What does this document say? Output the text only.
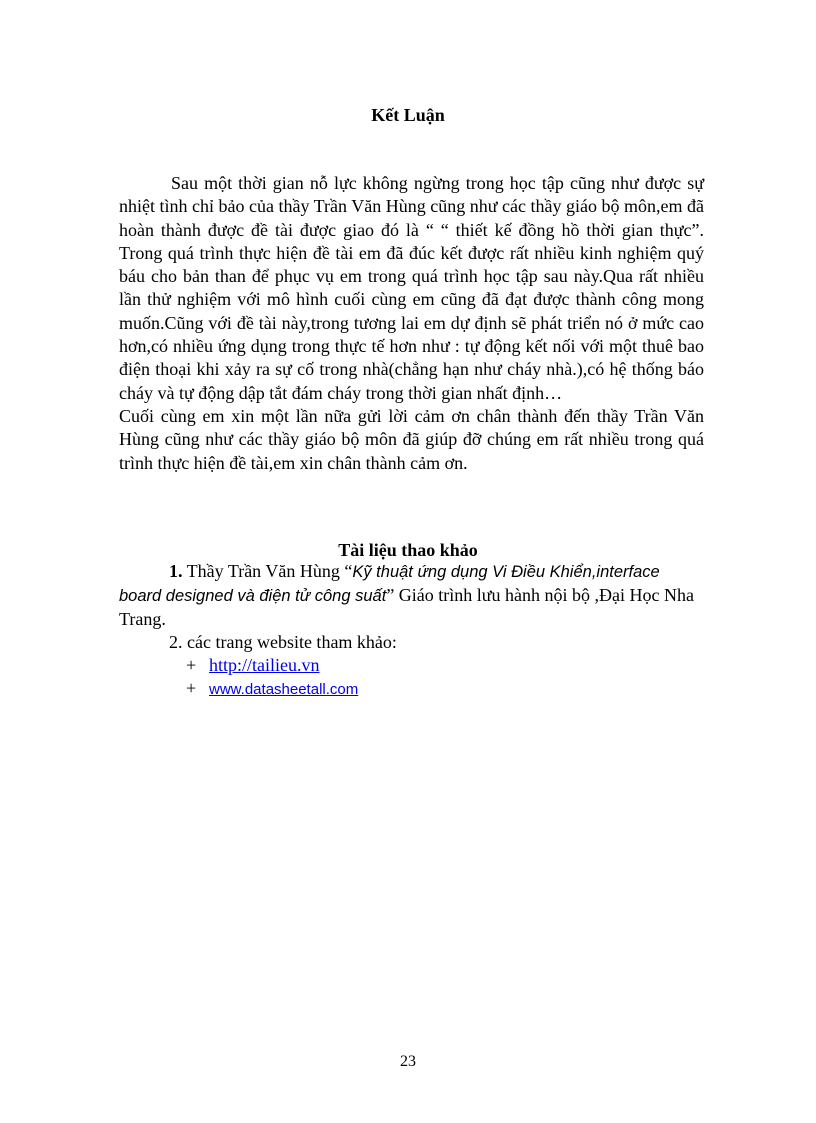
Kết Luận

Sau một thời gian nỗ lực không ngừng trong học tập cũng như được sự nhiệt tình chỉ bảo của thầy Trần Văn Hùng cũng như các thầy giáo bộ môn,em đã hoàn thành được đề tài được giao đó là “ “ thiết kế đồng hồ thời gian thực”. Trong quá trình thực hiện đề tài em đã đúc kết được rất nhiều kinh nghiệm quý báu cho bản than để phục vụ em trong quá trình học tập sau này.Qua rất nhiều lần thử nghiệm với mô hình cuối cùng em cũng đã đạt được thành công mong muốn.Cũng với đề tài này,trong tương lai em dự định sẽ phát triển nó ở mức cao hơn,có nhiều ứng dụng trong thực tế hơn như : tự động kết nối với một thuê bao điện thoại khi xảy ra sự cố trong nhà(chẳng hạn như cháy nhà.),có hệ thống báo cháy và tự động dập tắt đám cháy trong thời gian nhất định…

Cuối cùng em xin một lần nữa gửi lời cảm ơn chân thành đến thầy Trần Văn Hùng cũng như các thầy giáo bộ môn đã giúp đỡ chúng em rất nhiều trong quá trình thực hiện đề tài,em xin chân thành cảm ơn.

Tài liệu thao khảo

1. Thầy Trần Văn Hùng “Kỹ thuật ứng dụng Vi Điều Khiển,interface board designed và điện tử công suất” Giáo trình lưu hành nội bộ ,Đại Học Nha Trang.

2. các trang website tham khảo:

+ http://tailieu.vn
+ www.datasheetall.com
23
